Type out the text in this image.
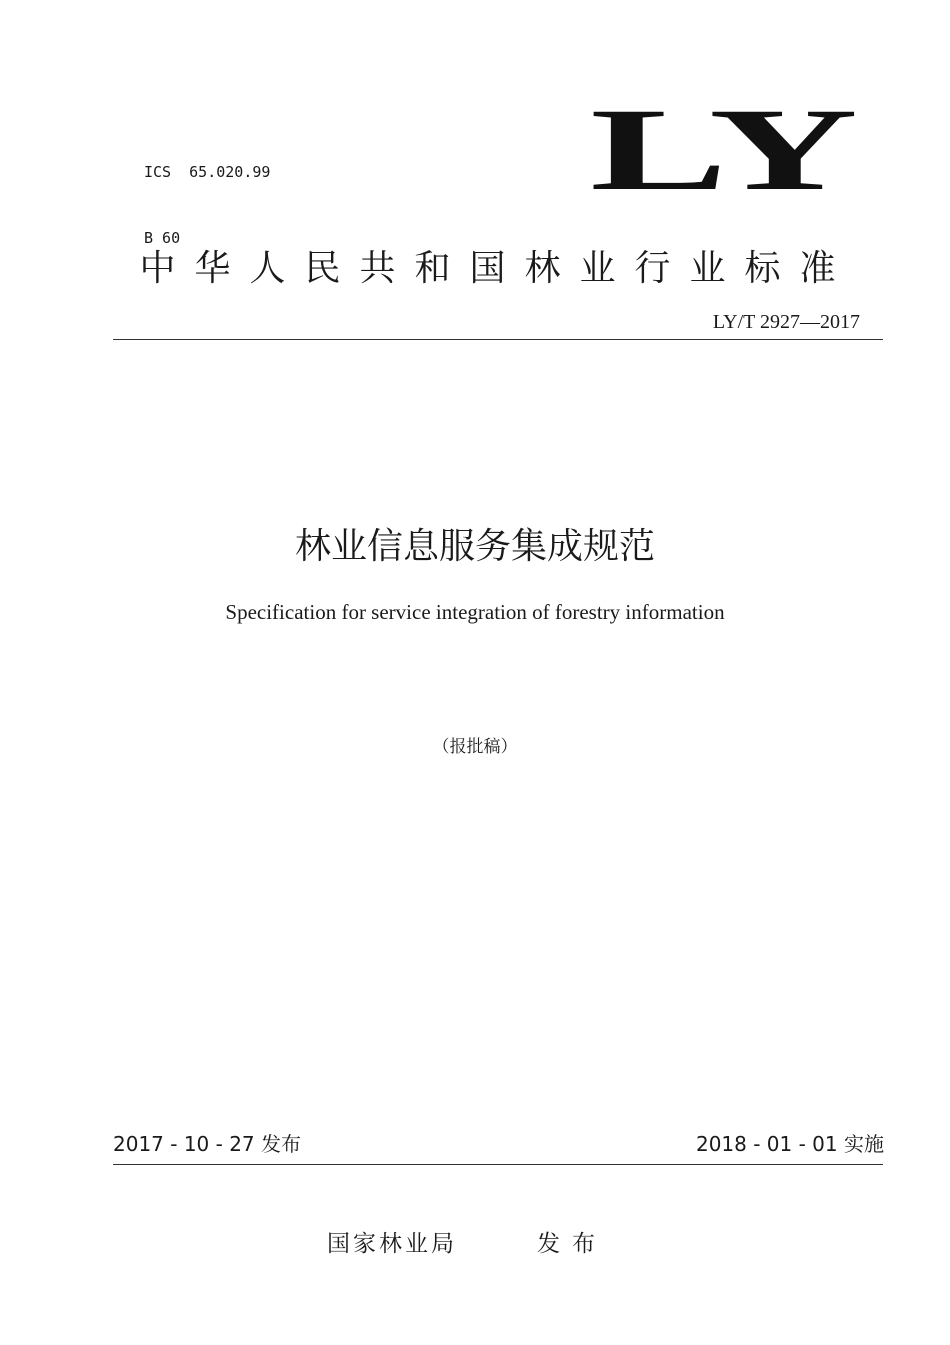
ICS  65.020.99

B 60

LY
中华人民共和国林业行业标准
LY/T 2927—2017
林业信息服务集成规范
Specification for service integration of forestry information
（报批稿）
2017 - 10 - 27 发布	2018 - 01 - 01 实施
国家林业局	发布
